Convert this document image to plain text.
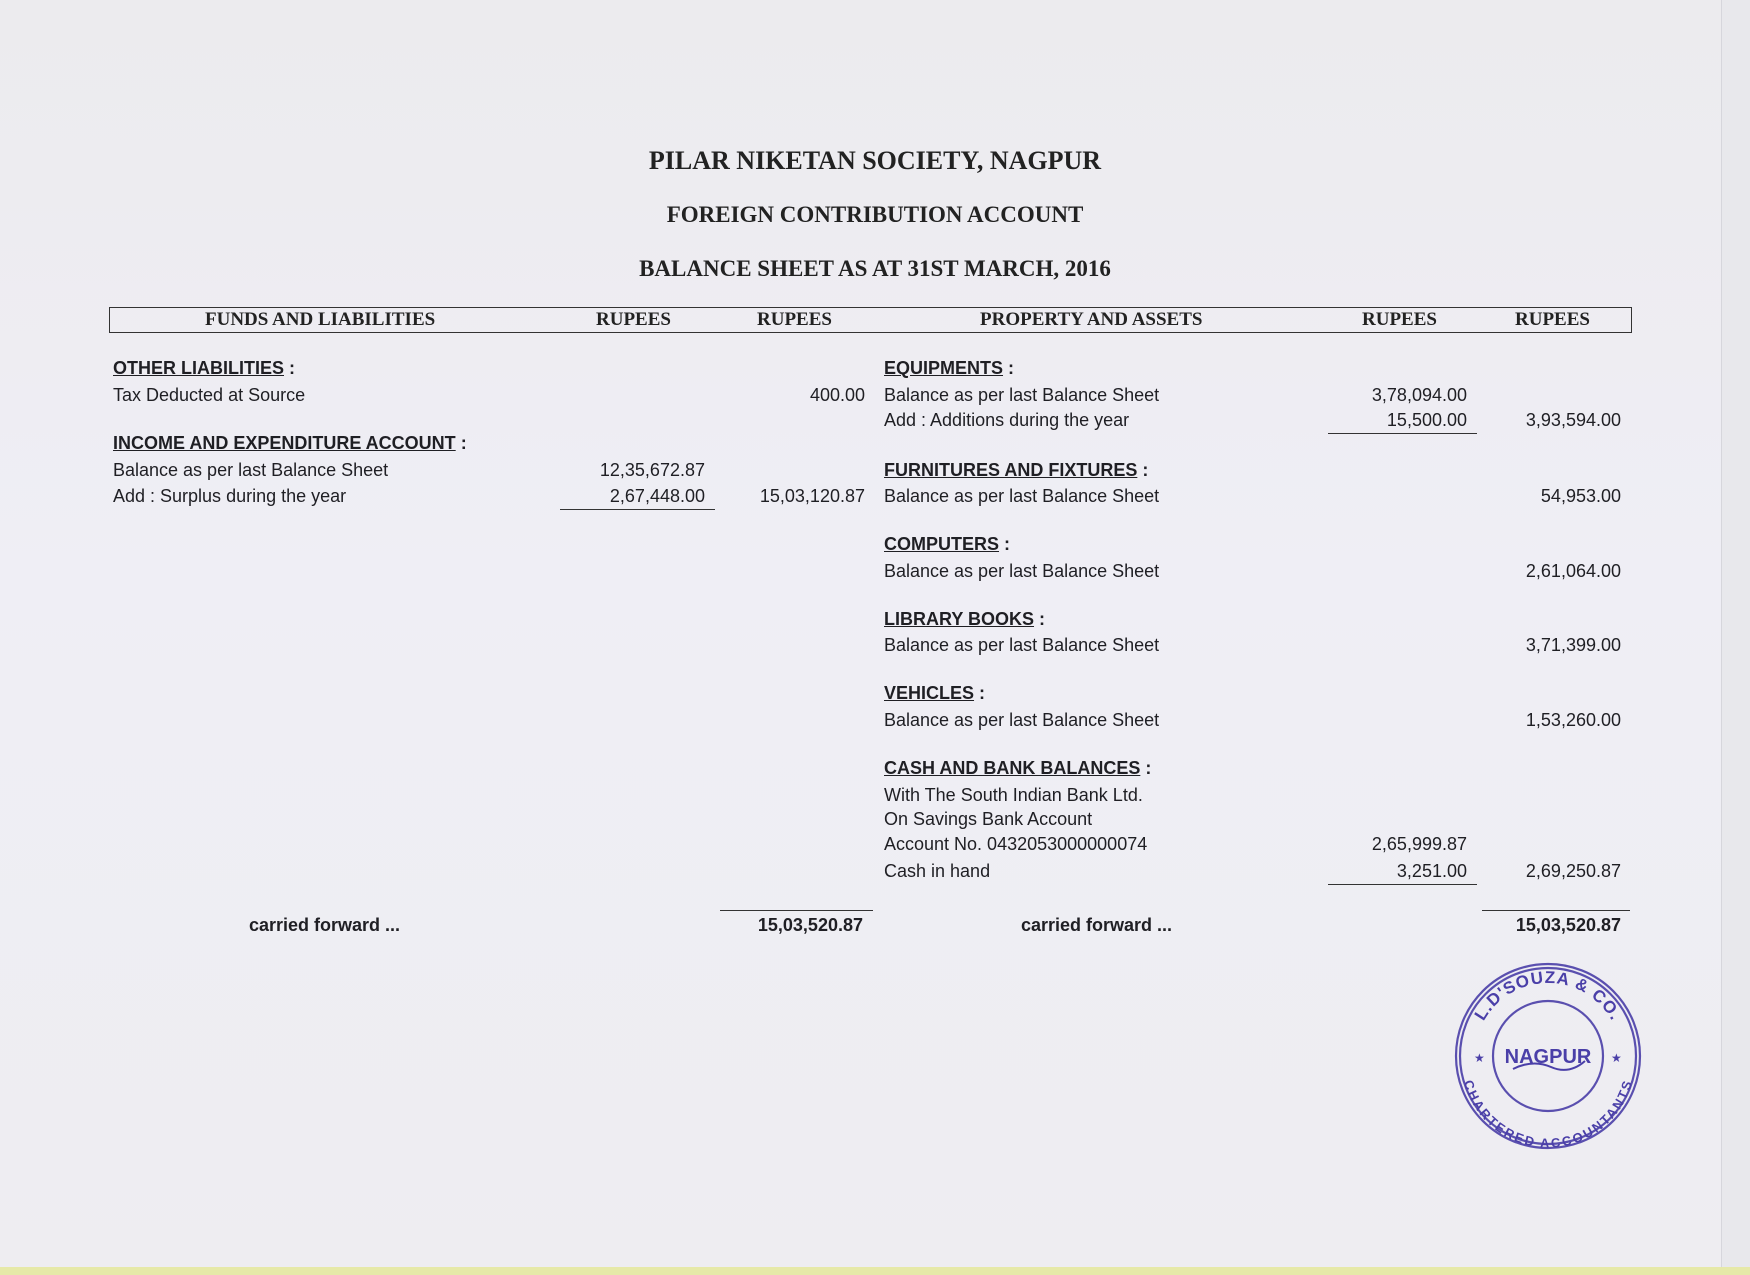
PILAR NIKETAN SOCIETY, NAGPUR
FOREIGN CONTRIBUTION ACCOUNT
BALANCE SHEET AS AT 31ST MARCH, 2016
FUNDS AND LIABILITIES	RUPEES	RUPEES	PROPERTY AND ASSETS	RUPEES	RUPEES
OTHER LIABILITIES :
Tax Deducted at Source	400.00
INCOME AND EXPENDITURE ACCOUNT :
Balance as per last Balance Sheet	12,35,672.87
Add : Surplus during the year	2,67,448.00	15,03,120.87
carried forward ...	15,03,520.87
EQUIPMENTS :
Balance as per last Balance Sheet	3,78,094.00
Add : Additions during the year	15,500.00	3,93,594.00
FURNITURES AND FIXTURES :
Balance as per last Balance Sheet	54,953.00
COMPUTERS :
Balance as per last Balance Sheet	2,61,064.00
LIBRARY BOOKS :
Balance as per last Balance Sheet	3,71,399.00
VEHICLES :
Balance as per last Balance Sheet	1,53,260.00
CASH AND BANK BALANCES :
With The South Indian Bank Ltd.
On Savings Bank Account
Account No. 0432053000000074	2,65,999.87
Cash in hand	3,251.00	2,69,250.87
carried forward ...	15,03,520.87
L.D'SOUZA & CO.
CHARTERED ACCOUNTANTS
NAGPUR
★	★
